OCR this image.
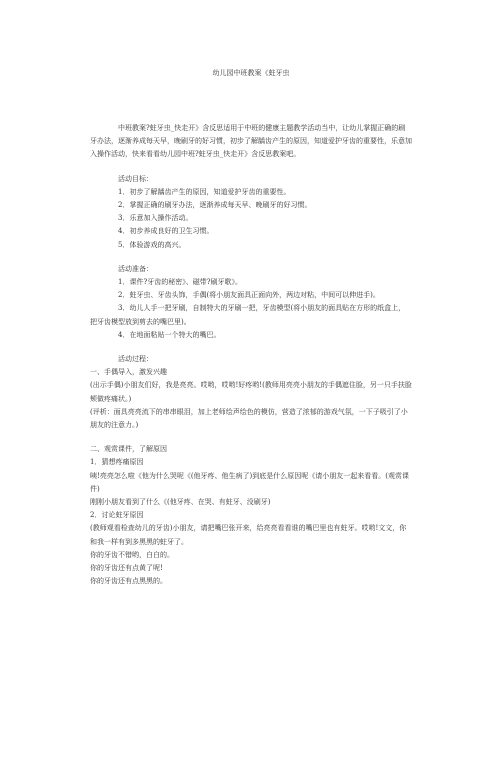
幼儿园中班教案《蛀牙虫

中班教案?蛀牙虫_快走开》含反思适用于中班的健康主题教学活动当中，让幼儿掌握正确的刷牙办法，逐渐养成每天早，晚刷牙的好习惯，初步了解龋齿产生的原因，知道爱护牙齿的重要性，乐意加入操作活动，快来看看幼儿园中班?蛀牙虫_快走开》含反思教案吧。

活动目标：

1．初步了解龋齿产生的原因，知道爱护牙齿的重要性。

2．掌握正确的刷牙办法，逐渐养成每天早、晚刷牙的好习惯。

3．乐意加入操作活动。

4．初步养成良好的卫生习惯。

5．体验游戏的高兴。

活动准备：

1．课件?牙齿的秘密》、磁带?刷牙歌》。

2．蛀牙虫、牙齿头饰，手偶(将小朋友面具正面向外，两边对粘，中间可以伸进手)。

3．幼儿人手一把牙刷，自制特大的牙刷一把，牙齿模型(将小朋友的面具贴在方形的纸盒上，把牙齿模型放到剪去的嘴巴里)。

4．在地面粘贴一个特大的嘴巴。

活动过程：

一、手偶导入，激发兴趣

(出示手偶)小朋友们好，我是亮亮。哎哟，哎哟!好疼哟!(教师用亮亮小朋友的手偶遮住脸，另一只手扶脸颊做疼痛状。)

(评析：面具亮亮流下的串串眼泪，加上老师绘声绘色的模仿，营造了浓郁的游戏气氛，一下子吸引了小朋友的注意力。)

二、观赏课件，了解原因

1．猜想疼痛原因

咦!亮亮怎么啦《他为什么哭呢《(他牙疼、他生病了)到底是什么原因呢《请小朋友一起来看看。(观赏课件)

刚刚小朋友看到了什么《(他牙疼、在哭、有蛀牙、没刷牙)

2．讨论蛀牙原因

(教师观看检查幼儿的牙齿)小朋友，请把嘴巴张开来，给亮亮看看谁的嘴巴里也有蛀牙。哎哟!文文，你和我一样有到多黑黑的蛀牙了。

你的牙齿不错哟，白白的。

你的牙齿还有点黄了呢!

你的牙齿还有点黑黑的。
